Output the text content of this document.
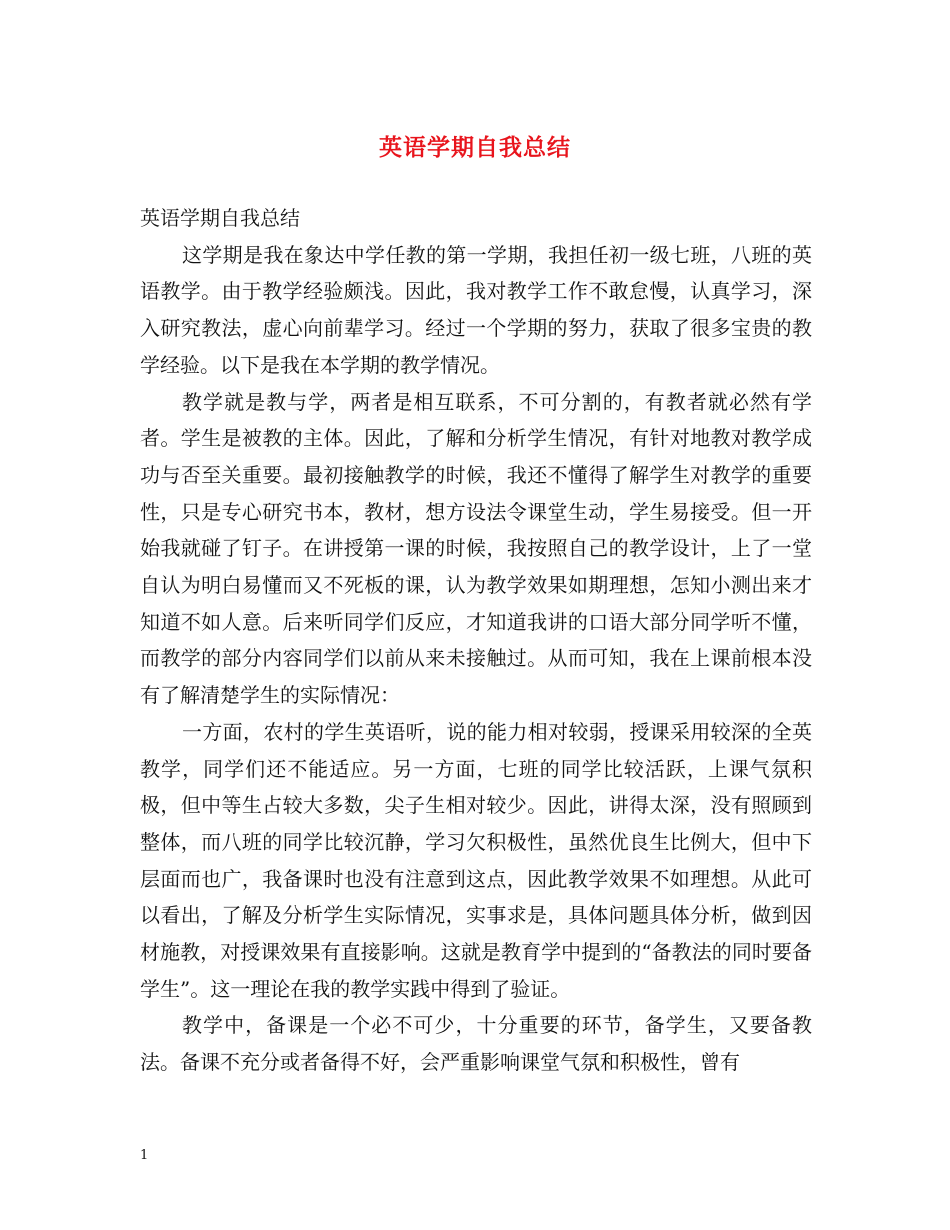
英语学期自我总结

英语学期自我总结

这学期是我在象达中学任教的第一学期，我担任初一级七班，八班的英语教学。由于教学经验颇浅。因此，我对教学工作不敢怠慢，认真学习，深入研究教法，虚心向前辈学习。经过一个学期的努力，获取了很多宝贵的教学经验。以下是我在本学期的教学情况。

教学就是教与学，两者是相互联系，不可分割的，有教者就必然有学者。学生是被教的主体。因此，了解和分析学生情况，有针对地教对教学成功与否至关重要。最初接触教学的时候，我还不懂得了解学生对教学的重要性，只是专心研究书本，教材，想方设法令课堂生动，学生易接受。但一开始我就碰了钉子。在讲授第一课的时候，我按照自己的教学设计，上了一堂自认为明白易懂而又不死板的课，认为教学效果如期理想，怎知小测出来才知道不如人意。后来听同学们反应，才知道我讲的口语大部分同学听不懂，而教学的部分内容同学们以前从来未接触过。从而可知，我在上课前根本没有了解清楚学生的实际情况：

一方面，农村的学生英语听，说的能力相对较弱，授课采用较深的全英教学，同学们还不能适应。另一方面，七班的同学比较活跃，上课气氛积极，但中等生占较大多数，尖子生相对较少。因此，讲得太深，没有照顾到整体，而八班的同学比较沉静，学习欠积极性，虽然优良生比例大，但中下层面而也广，我备课时也没有注意到这点，因此教学效果不如理想。从此可以看出，了解及分析学生实际情况，实事求是，具体问题具体分析，做到因材施教，对授课效果有直接影响。这就是教育学中提到的“备教法的同时要备学生”。这一理论在我的教学实践中得到了验证。

教学中，备课是一个必不可少，十分重要的环节，备学生，又要备教法。备课不充分或者备得不好，会严重影响课堂气氛和积极性，曾有

1
